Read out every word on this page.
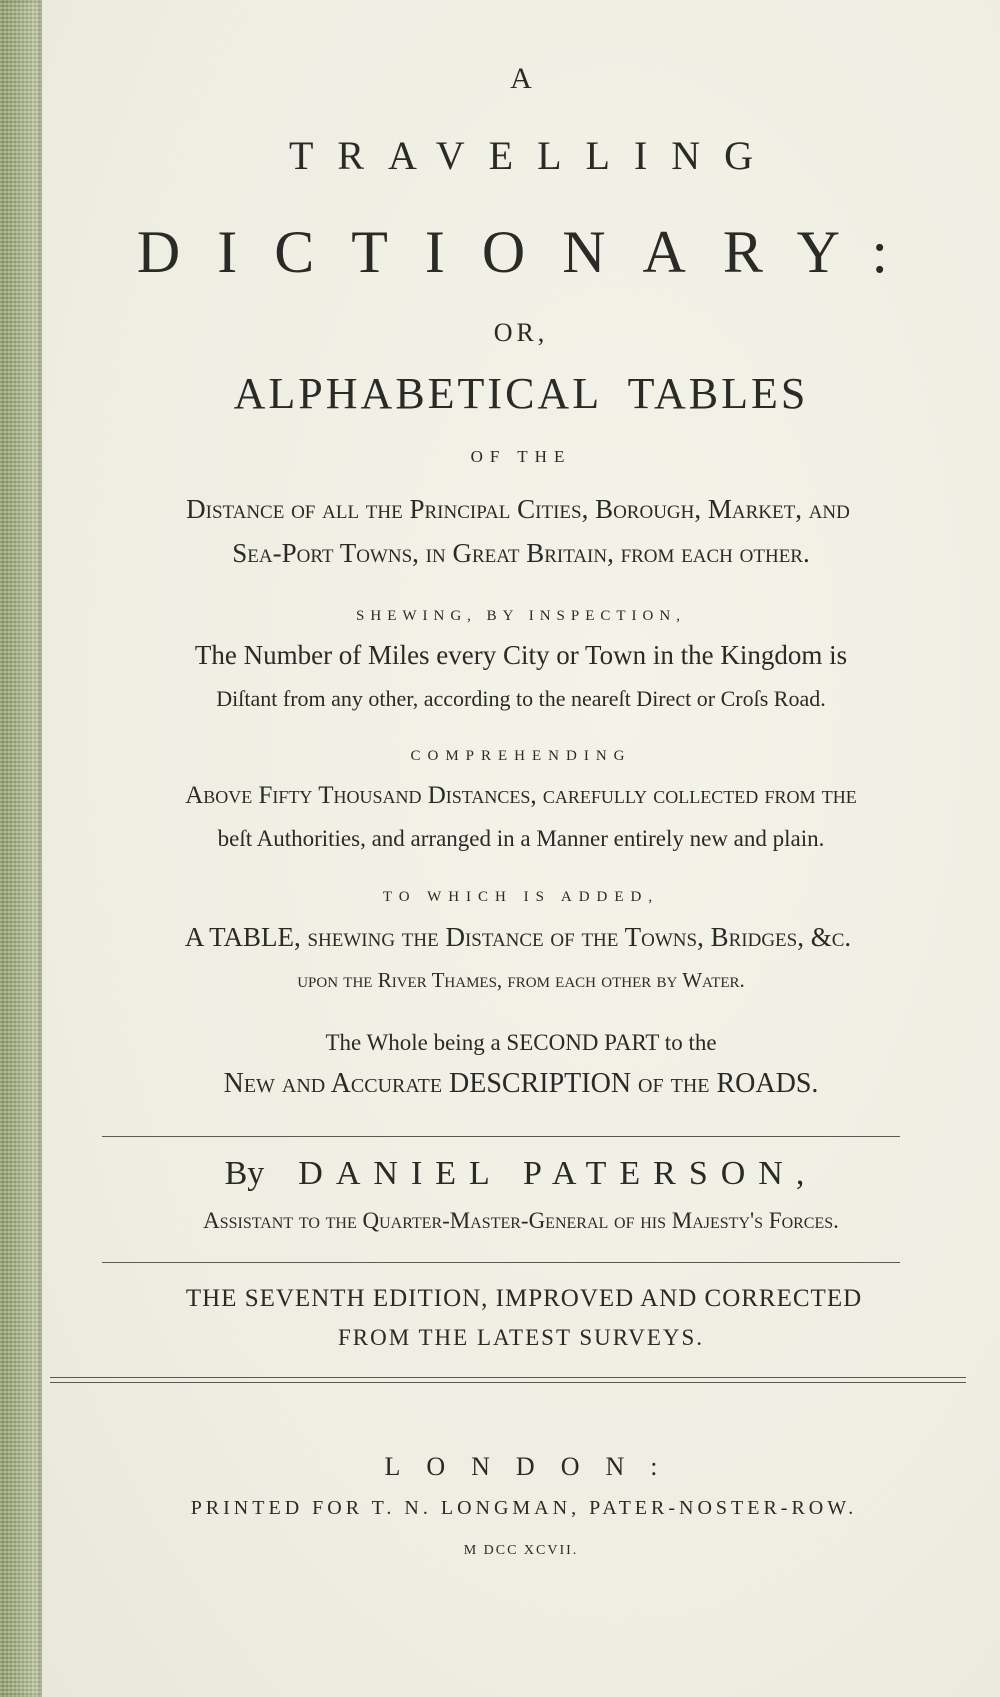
A
TRAVELLING
DICTIONARY:
OR,
ALPHABETICAL TABLES
OF THE
Diſtance of all the Principal Cities, Borough, Market, and
Sea-Port Towns, in Great Britain, from each other.
SHEWING, BY INSPECTION,
The Number of Miles every City or Town in the Kingdom is
Diſtant from any other, according to the neareſt Direct or Croſs Road.
COMPREHENDING
Above Fifty Thousand Distances, carefully collected from the
beſt Authorities, and arranged in a Manner entirely new and plain.
TO WHICH IS ADDED,
A TABLE, ſhewing the Diſtance of the Towns, Bridges, &c.
upon the River Thames, from each other by Water.
The Whole being a SECOND PART to the
New and Accurate DESCRIPTION of the ROADS.
By DANIEL PATERSON,
Assistant to the Quarter-Master-General of his Majeſty's Forces.
THE SEVENTH EDITION, IMPROVED AND CORRECTED
FROM THE LATEST SURVEYS.
LONDON:
PRINTED FOR T. N. LONGMAN, PATER-NOSTER-ROW.
M DCC XCVII.
